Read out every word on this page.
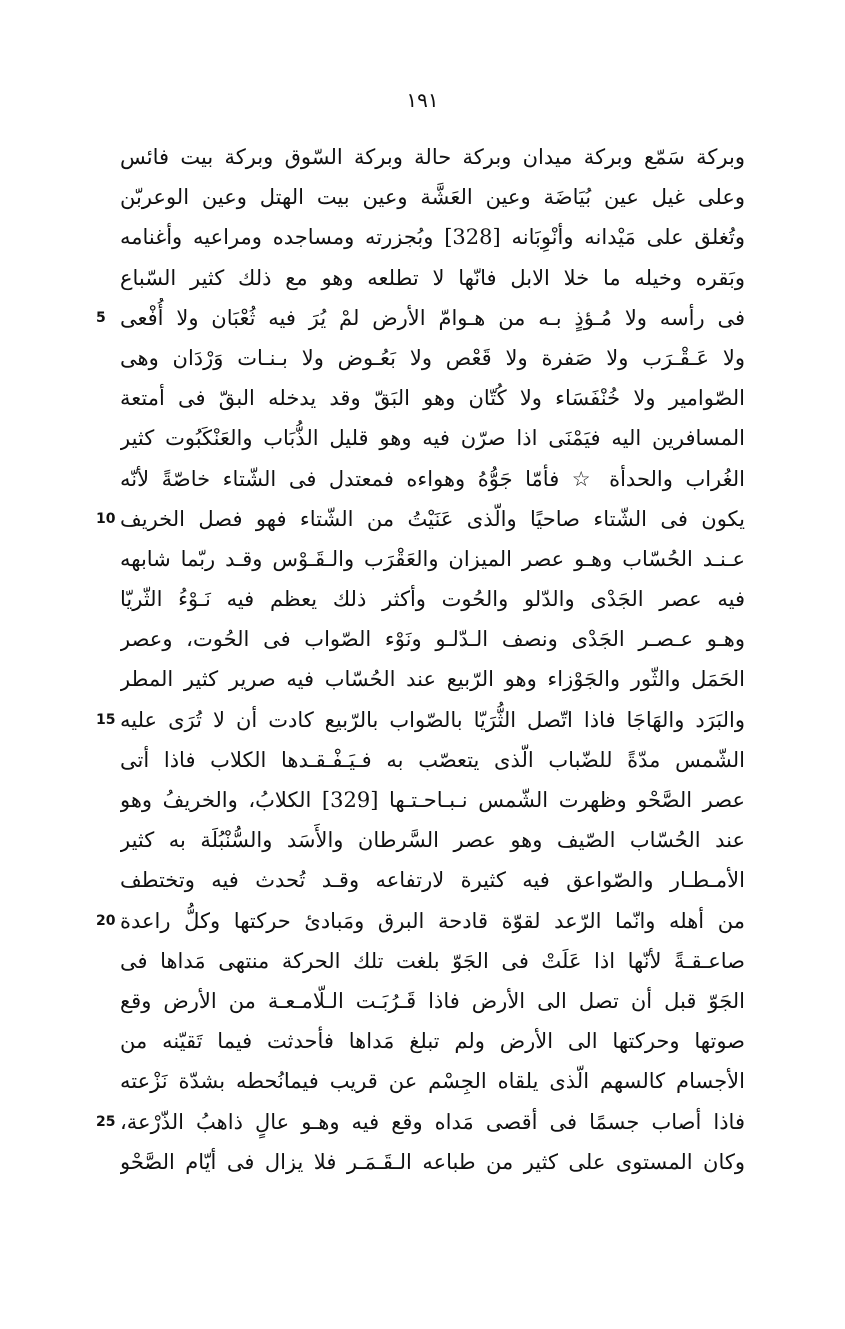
١٩١
وبركة سَمّع وبركة ميدان وبركة حالة وبركة السّوق وبركة بيت فائس
وعلى غيل عين بُيَاضَة وعين العَشَّة وعين بيت الهتل وعين الوعربّن
وتُغلق على مَيْدانه وأنْوِبَانه [328] وبُجزرته ومساجده ومراعيه وأغنامه
وبَقره وخيله ما خلا الابل فانّها لا تطلعه وهو مع ذلك كثير السّباع
فى رأسه ولا مُـؤذٍ بـه من هـوامّ الأرض لمْ يُرَ فيه ثُعْبَان ولا أُفْعى
ولا عَـقْـرَب ولا صَفرة ولا قَعْص ولا بَعُـوض ولا بـنـات وَرْدَان وهى
الصّوامير ولا خُنْفَسَاء ولا كُتّان وهو البَقّ وقد يدخله البقّ فى أمتعة
المسافرين اليه فيَمْنَى اذا صرّن فيه وهو قليل الذُّبَاب والعَنْكَبُوت كثير
الغُراب والحدأة ☆ فأمّا جَوُّهُ وهواءه فمعتدل فى الشّتاء خاصّةً لأنّه
يكون فى الشّتاء صاحيًا والّذى عَنَيْتُ من الشّتاء فهو فصل الخريف
عـنـد الحُسّاب وهـو عصر الميزان والعَقْرَب والـقَـوْس وقـد ربّما شابهه
فيه عصر الجَدْى والدّلو والحُوت وأكثر ذلك يعظم فيه نَـوْءُ الثّريّا
وهـو عـصـر الجَدْى ونصف الـدّلـو ونَوْء الصّواب فى الحُوت، وعصر
الحَمَل والثّور والجَوْزاء وهو الرّبيع عند الحُسّاب فيه صرير كثير المطر
والبَرَد والهَاجَا فاذا اتّصل الثُّرَيّا بالصّواب بالرّبيع كادت أن لا تُرَى عليه
الشّمس مدّةً للضّباب الّذى يتعصّب به فـيَـفْـقـدها الكلاب فاذا أتى
عصر الصَّحْو وظهرت الشّمس نـبـاحـتـها [329] الكلابُ، والخريفُ وهو
عند الحُسّاب الصّيف وهو عصر السَّرطان والأَسَد والسُّنْبُلَة به كثير
الأمـطـار والصّواعق فيه كثيرة لارتفاعه وقـد تُحدث فيه وتختطف
من أهله وانّما الرّعد لقوّة قادحة البرق ومَبادئ حركتها وكلُّ راعدة
صاعـقـةً لأنّها اذا عَلَتْ فى الجَوّ بلغت تلك الحركة منتهى مَداها فى
الجَوّ قبل أن تصل الى الأرض فاذا قَـرُبَـت الـلّامـعـة من الأرض وقع
صوتها وحركتها الى الأرض ولم تبلغ مَداها فأحدثت فيما تَقيّنه من
الأجسام كالسهم الّذى يلقاه الجِسْم عن قريب فيمانُحطه بشدّة نَزْعته
فاذا أصاب جسمًا فى أقصى مَداه وقع فيه وهـو عالٍ ذاهبُ الذّرْعة،
وكان المستوى على كثير من طباعه الـقَـمَـر فلا يزال فى أيّام الصَّحْو
5
10
15
20
25
